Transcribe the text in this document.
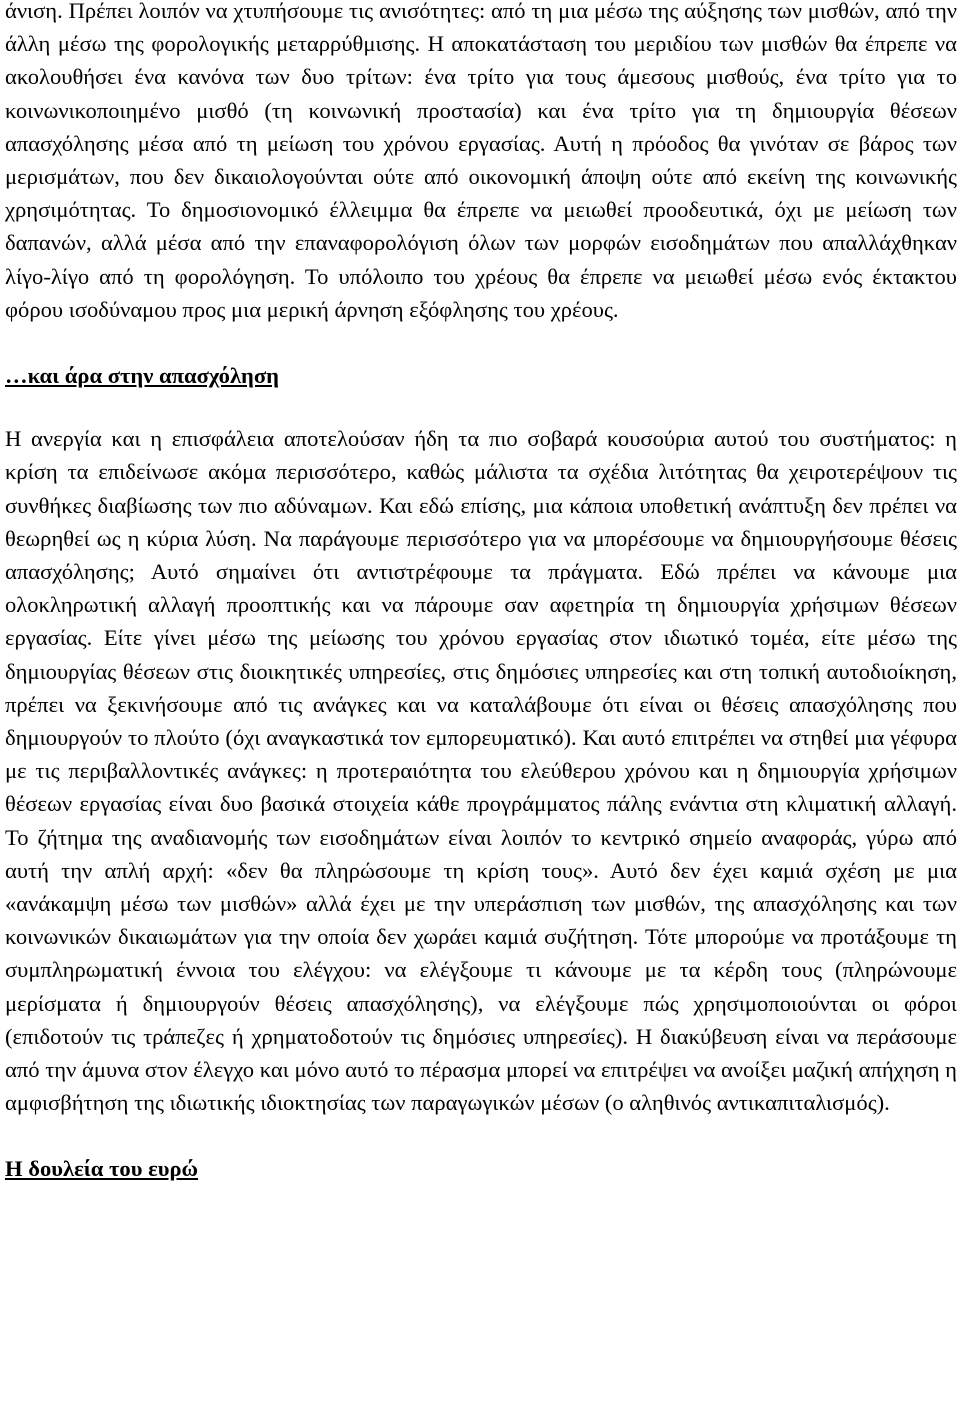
άνιση. Πρέπει λοιπόν να χτυπήσουμε τις ανισότητες: από τη μια μέσω της αύξησης των μισθών, από την άλλη μέσω της φορολογικής μεταρρύθμισης. Η αποκατάσταση του μεριδίου των μισθών θα έπρεπε να ακολουθήσει ένα κανόνα των δυο τρίτων: ένα τρίτο για τους άμεσους μισθούς, ένα τρίτο για το κοινωνικοποιημένο μισθό (τη κοινωνική προστασία) και ένα τρίτο για τη δημιουργία θέσεων απασχόλησης μέσα από τη μείωση του χρόνου εργασίας. Αυτή η πρόοδος θα γινόταν σε βάρος των μερισμάτων, που δεν δικαιολογούνται ούτε από οικονομική άποψη ούτε από εκείνη της κοινωνικής χρησιμότητας. Το δημοσιονομικό έλλειμμα θα έπρεπε να μειωθεί προοδευτικά, όχι με μείωση των δαπανών, αλλά μέσα από την επαναφορολόγιση όλων των μορφών εισοδημάτων που απαλλάχθηκαν λίγο-λίγο από τη φορολόγηση. Το υπόλοιπο του χρέους θα έπρεπε να μειωθεί μέσω ενός έκτακτου φόρου ισοδύναμου προς μια μερική άρνηση εξόφλησης του χρέους.

…και άρα στην απασχόληση

Η ανεργία και η επισφάλεια αποτελούσαν ήδη τα πιο σοβαρά κουσούρια αυτού του συστήματος: η κρίση τα επιδείνωσε ακόμα περισσότερο, καθώς μάλιστα τα σχέδια λιτότητας θα χειροτερέψουν τις συνθήκες διαβίωσης των πιο αδύναμων. Και εδώ επίσης, μια κάποια υποθετική ανάπτυξη δεν πρέπει να θεωρηθεί ως η κύρια λύση. Να παράγουμε περισσότερο για να μπορέσουμε να δημιουργήσουμε θέσεις απασχόλησης; Αυτό σημαίνει ότι αντιστρέφουμε τα πράγματα. Εδώ πρέπει να κάνουμε μια ολοκληρωτική αλλαγή προοπτικής και να πάρουμε σαν αφετηρία τη δημιουργία χρήσιμων θέσεων εργασίας. Είτε γίνει μέσω της μείωσης του χρόνου εργασίας στον ιδιωτικό τομέα, είτε μέσω της δημιουργίας θέσεων στις διοικητικές υπηρεσίες, στις δημόσιες υπηρεσίες και στη τοπική αυτοδιοίκηση, πρέπει να ξεκινήσουμε από τις ανάγκες και να καταλάβουμε ότι είναι οι θέσεις απασχόλησης που δημιουργούν το πλούτο (όχι αναγκαστικά τον εμπορευματικό). Και αυτό επιτρέπει να στηθεί μια γέφυρα με τις περιβαλλοντικές ανάγκες: η προτεραιότητα του ελεύθερου χρόνου και η δημιουργία χρήσιμων θέσεων εργασίας είναι δυο βασικά στοιχεία κάθε προγράμματος πάλης ενάντια στη κλιματική αλλαγή. Το ζήτημα της αναδιανομής των εισοδημάτων είναι λοιπόν το κεντρικό σημείο αναφοράς, γύρω από αυτή την απλή αρχή: «δεν θα πληρώσουμε τη κρίση τους». Αυτό δεν έχει καμιά σχέση με μια «ανάκαμψη μέσω των μισθών» αλλά έχει με την υπεράσπιση των μισθών, της απασχόλησης και των κοινωνικών δικαιωμάτων για την οποία δεν χωράει καμιά συζήτηση. Τότε μπορούμε να προτάξουμε τη συμπληρωματική έννοια του ελέγχου: να ελέγξουμε τι κάνουμε με τα κέρδη τους (πληρώνουμε μερίσματα ή δημιουργούν θέσεις απασχόλησης), να ελέγξουμε πώς χρησιμοποιούνται οι φόροι (επιδοτούν τις τράπεζες ή χρηματοδοτούν τις δημόσιες υπηρεσίες). Η διακύβευση είναι να περάσουμε από την άμυνα στον έλεγχο και μόνο αυτό το πέρασμα μπορεί να επιτρέψει να ανοίξει μαζική απήχηση η αμφισβήτηση της ιδιωτικής ιδιοκτησίας των παραγωγικών μέσων (ο αληθινός αντικαπιταλισμός).

Η δουλεία του ευρώ
